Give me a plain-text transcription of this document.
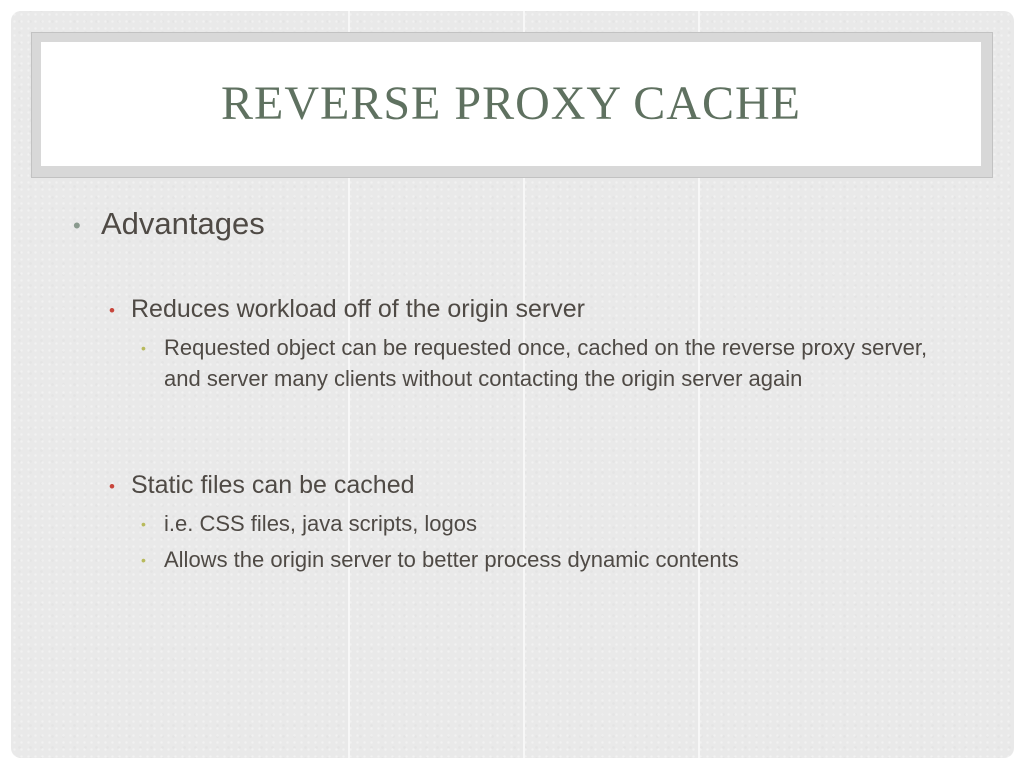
REVERSE PROXY CACHE
• Advantages
• Reduces workload off of the origin server
• Requested object can be requested once, cached on the reverse proxy server, and server many clients without contacting the origin server again
• Static files can be cached
• i.e. CSS files, java scripts, logos
• Allows the origin server to better process dynamic contents
